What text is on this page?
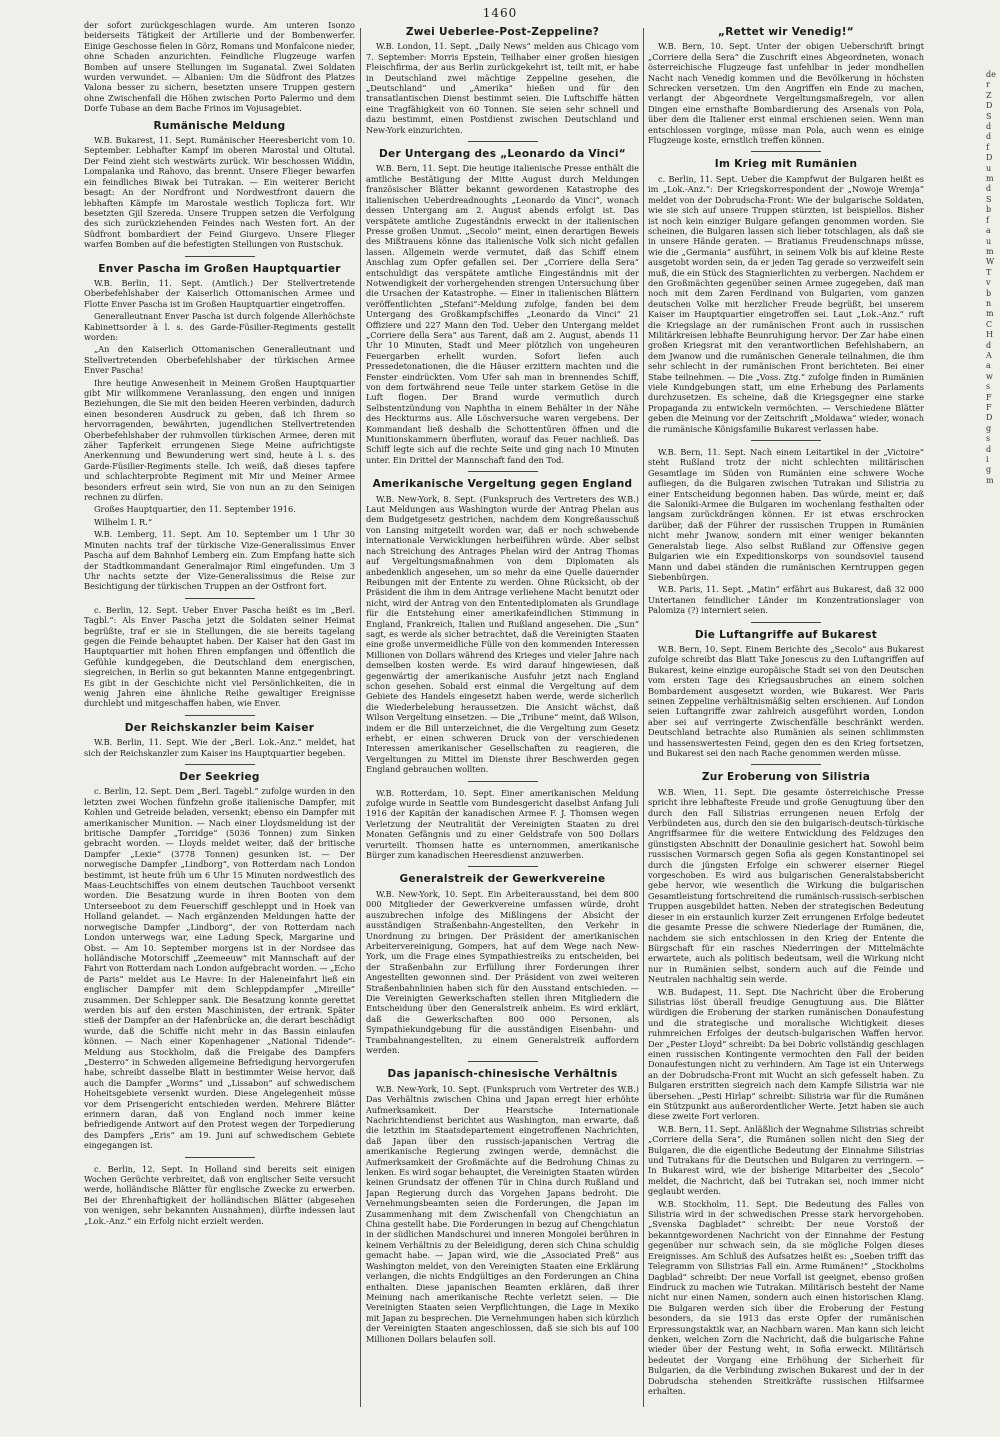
1460

der sofort zurückgeschlagen wurde. Am unteren Isonzo beiderseits Tätigkeit der Artillerie und der Bombenwerfer. Einige Geschosse fielen in Görz, Romans und Monfalcone nieder, ohne Schaden anzurichten. Feindliche Flugzeuge warfen Bomben auf unsere Stellungen im Suganatal. Zwei Soldaten wurden verwundet. — Albanien: Um die Südfront des Platzes Valona besser zu sichern, besetzten unsere Truppen gestern ohne Zwischenfall die Höhen zwischen Porto Palermo und dem Dorfe Tubase an dem Bache Frinos im Vojusagebiet.

Rumänische Meldung

W.B. Bukarest, 11. Sept. Rumänischer Heeresbericht vom 10. September. Lebhafter Kampf im oberen Marostal und Oltutal. Der Feind zieht sich westwärts zurück. Wir beschossen Widdin, Lompalanka und Rahovo, das brennt. Unsere Flieger bewarfen ein feindliches Biwak bei Tutrakan. — Ein weiterer Bericht besagt: An der Nordfront und Nordwestfront dauern die lebhaften Kämpfe im Marostale westlich Toplicza fort. Wir besetzten Gjil Szereda. Unsere Truppen setzen die Verfolgung des sich zurückziehenden Feindes nach Westen fort. An der Südfront bombardiert der Feind Giurgevo. Unsere Flieger warfen Bomben auf die befestigten Stellungen von Rustschuk.

Enver Pascha im Großen Hauptquartier

W.B. Berlin, 11. Sept. (Amtlich.) Der Stellvertretende Oberbefehlshaber der Kaiserlich Ottomanischen Armee und Flotte Enver Pascha ist im Großen Hauptquartier eingetroffen.

Generalleutnant Enver Pascha ist durch folgende Allerhöchste Kabinettsorder à l. s. des Garde-Füsilier-Regiments gestellt worden:

„An den Kaiserlich Ottomanischen Generalleutnant und Stellvertretenden Oberbefehlshaber der türkischen Armee Enver Pascha!

Ihre heutige Anwesenheit in Meinem Großen Hauptquartier gibt Mir willkommene Veranlassung, den engen und innigen Beziehungen, die Sie mit den beiden Heeren verbinden, dadurch einen besonderen Ausdruck zu geben, daß ich Ihrem so hervorragenden, bewährten, jugendlichen Stellvertretenden Oberbefehlshaber der ruhmvollen türkischen Armee, deren mit zäher Tapferkeit errungenen Siege Meine aufrichtigste Anerkennung und Bewunderung wert sind, heute à l. s. des Garde-Füsilier-Regiments stelle. Ich weiß, daß dieses tapfere und schlachterprobte Regiment mit Mir und Meiner Armee besonders erfreut sein wird, Sie von nun an zu den Seinigen rechnen zu dürfen.

Großes Hauptquartier, den 11. September 1916.

Wilhelm I. R.“

W.B. Lemberg, 11. Sept. Am 10. September um 1 Uhr 30 Minuten nachts traf der türkische Vize-Generalissimus Enver Pascha auf dem Bahnhof Lemberg ein. Zum Empfang hatte sich der Stadtkommandant Generalmajor Riml eingefunden. Um 3 Uhr nachts setzte der Vize-Generalissimus die Reise zur Besichtigung der türkischen Truppen an der Ostfront fort.

c. Berlin, 12. Sept. Ueber Enver Pascha heißt es im „Berl. Tagbl.“: Als Enver Pascha jetzt die Soldaten seiner Heimat begrüßte, traf er sie in Stellungen, die sie bereits tagelang gegen die Feinde behauptet haben. Der Kaiser hat den Gast im Hauptquartier mit hohen Ehren empfangen und öffentlich die Gefühle kundgegeben, die Deutschland dem energischen, siegreichen, in Berlin so gut bekannten Manne entgegenbringt. Es gibt in der Geschichte nicht viel Persönlichkeiten, die in wenig Jahren eine ähnliche Reihe gewaltiger Ereignisse durchlebt und mitgeschaffen haben, wie Enver.

Der Reichskanzler beim Kaiser

W.B. Berlin, 11. Sept. Wie der „Berl. Lok.-Anz.“ meldet, hat sich der Reichskanzler zum Kaiser ins Hauptquartier begeben.

Der Seekrieg

c. Berlin, 12. Sept. Dem „Berl. Tagebl.“ zufolge wurden in den letzten zwei Wochen fünfzehn große italienische Dampfer, mit Kohlen und Getreide beladen, versenkt; ebenso ein Dampfer mit amerikanischer Munition. — Nach einer Lloydsmeldung ist der britische Dampfer „Torridge“ (5036 Tonnen) zum Sinken gebracht worden. — Lloyds meldet weiter, daß der britische Dampfer „Lexie“ (3778 Tonnen) gesunken ist. — Der norwegische Dampfer „Lindborg“, von Rotterdam nach London bestimmt, ist heute früh um 6 Uhr 15 Minuten nordwestlich des Maas-Leuchtschiffes von einem deutschen Tauchboot versenkt worden. Die Besatzung wurde in ihren Booten von dem Unterseeboot zu dem Feuerschiff geschleppt und in Hoek van Holland gelandet. — Nach ergänzenden Meldungen hatte der norwegische Dampfer „Lindborg“, der von Rotterdam nach London unterwegs war, eine Ladung Speck, Margarine und Obst. — Am 10. September morgens ist in der Nordsee das holländische Motorschiff „Zeemeeuw“ mit Mannschaft auf der Fahrt von Rotterdam nach London aufgebracht worden. — „Echo de Paris“ meldet aus Le Havre: In der Haleneinfahrt ließ ein englischer Dampfer mit dem Schleppdampfer „Mireille“ zusammen. Der Schlepper sank. Die Besatzung konnte gerettet werden bis auf den ersten Maschinisten, der ertrank. Später stieß der Dampfer an der Hafenbrücke an, die derart beschädigt wurde, daß die Schiffe nicht mehr in das Bassin einlaufen können. — Nach einer Kopenhagener „National Tidende“-Meldung aus Stockholm, daß die Freigabe des Dampfers „Desterro“ in Schweden allgemeine Befriedigung hervorgerufen habe, schreibt dasselbe Blatt in bestimmter Weise hervor, daß auch die Dampfer „Worms“ und „Lissabon“ auf schwedischem Hoheitsgebiete versenkt wurden. Diese Angelegenheit müsse vor dem Prisengericht entschieden werden. Mehrere Blätter erinnern daran, daß von England noch immer keine befriedigende Antwort auf den Protest wegen der Torpedierung des Dampfers „Eris“ am 19. Juni auf schwedischem Gebiete eingegangen ist.

c. Berlin, 12. Sept. In Holland sind bereits seit einigen Wochen Gerüchte verbreitet, daß von englischer Seite versucht werde, holländische Blätter für englische Zwecke zu erwerben. Bei der Ehrenhaftigkeit der holländischen Blätter (abgesehen von wenigen, sehr bekannten Ausnahmen), dürfte indessen laut „Lok.-Anz.“ ein Erfolg nicht erzielt werden.

Zwei Ueberlee-Post-Zeppeline?

W.B. London, 11. Sept. „Daily News“ melden aus Chicago vom 7. September: Morris Epstein, Teilhaber einer großen hiesigen Fleischfirma, der aus Berlin zurückgekehrt ist, teilt mit, er habe in Deutschland zwei mächtige Zeppeline gesehen, die „Deutschland“ und „Amerika“ hießen und für den transatlantischen Dienst bestimmt seien. Die Luftschiffe hätten eine Tragfähigkeit von 60 Tonnen. Sie seien sehr schnell und dazu bestimmt, einen Postdienst zwischen Deutschland und New-York einzurichten.

Der Untergang des „Leonardo da Vinci“

W.B. Bern, 11. Sept. Die heutige italienische Presse enthält die amtliche Bestätigung der Mitte August durch Meldungen französischer Blätter bekannt gewordenen Katastrophe des italienischen Ueberdreadnoughts „Leonardo da Vinci“, wonach dessen Untergang am 2. August abends erfolgt ist. Das verspätete amtliche Zugeständnis erweckt in der italienischen Presse großen Unmut. „Secolo“ meint, einen derartigen Beweis des Mißtrauens könne das italienische Volk sich nicht gefallen lassen. Allgemein werde vermutet, daß das Schiff einem Anschlag zum Opfer gefallen sei. Der „Corriere della Sera“ entschuldigt das verspätete amtliche Eingeständnis mit der Notwendigkeit der vorhergehenden strengen Untersuchung über die Ursachen der Katastrophe. — Einer in italienischen Blättern veröffentlichten „Stefani“-Meldung zufolge, fanden bei dem Untergang des Großkampfschiffes „Leonardo da Vinci“ 21 Offiziere und 227 Mann den Tod. Ueber den Untergang meldet „Corriere della Sera“ aus Tarent, daß am 2. August, abends 11 Uhr 10 Minuten, Stadt und Meer plötzlich von ungeheuren Feuergarben erhellt wurden. Sofort liefen auch Pressedetonationen, die die Häuser erzittern machten und die Fenster eindrückten. Vom Ufer sah man in brennendes Schiff, von dem fortwährend neue Teile unter starkem Getöse in die Luft flogen. Der Brand wurde vermutlich durch Selbstentzündung von Naphtha in einem Behälter in der Nähe des Heckturms aus. Alle Löschversuche waren vergebens. Der Kommandant ließ deshalb die Schottentüren öffnen und die Munitionskammern überfluten, worauf das Feuer nachließ. Das Schiff legte sich auf die rechte Seite und ging nach 10 Minuten unter. Ein Drittel der Mannschaft fand den Tod.

Amerikanische Vergeltung gegen England

W.B. New-York, 8. Sept. (Funkspruch des Vertreters des W.B.) Laut Meldungen aus Washington wurde der Antrag Phelan aus dem Budgetgesetz gestrichen, nachdem dem Kongreßausschuß von Lansing mitgeteilt worden war, daß er noch schwebende internationale Verwicklungen herbeiführen würde. Aber selbst nach Streichung des Antrages Phelan wird der Antrag Thomas auf Vergeltungsmaßnahmen von dem Diplomaten als anbedenklich angesehen, um so mehr da eine Quelle dauernder Reibungen mit der Entente zu werden. Ohne Rücksicht, ob der Präsident die ihm in dem Antrage verliehene Macht benutzt oder nicht, wird der Antrag von den Ententediplomaten als Grundlage für die Entstehung einer amerikafeindlichen Stimmung in England, Frankreich, Italien und Rußland angesehen. Die „Sun“ sagt, es werde als sicher betrachtet, daß die Vereinigten Staaten eine große unvermeidliche Fülle von den kommenden Interessen Millionen von Dollars während des Krieges und vieler Jahre nach demselben kosten werde. Es wird darauf hingewiesen, daß gegenwärtig der amerikanische Ausfuhr jetzt nach England schon gesehen. Sobald erst einmal die Vergeltung auf dem Gebiete des Handels eingesetzt haben werde, werde sicherlich die Wiederbelebung heraussetzen. Die Ansicht wächst, daß Wilson Vergeltung einsetzen. — Die „Tribune“ meint, daß Wilson, indem er die Bill unterzeichnet, die die Vergeltung zum Gesetz erhebt, er einen schweren Druck von der verschiedenen Interessen amerikanischer Gesellschaften zu reagieren, die Vergeltungen zu Mittel im Dienste ihrer Beschwerden gegen England gebrauchen wollten.

W.B. Rotterdam, 10. Sept. Einer amerikanischen Meldung zufolge wurde in Seattle vom Bundesgericht daselbst Anfang Juli 1916 der Kapitän der kanadischen Armee F. J. Thomsen wegen Verletzung der Neutralität der Vereinigten Staaten zu drei Monaten Gefängnis und zu einer Geldstrafe von 500 Dollars verurteilt. Thomsen hatte es unternommen, amerikanische Bürger zum kanadischen Heeresdienst anzuwerben.

Generalstreik der Gewerkvereine

W.B. New-York, 10. Sept. Ein Arbeiterausstand, bei dem 800 000 Mitglieder der Gewerkvereine umfassen würde, droht auszubrechen infolge des Mißlingens der Absicht der ausständigen Straßenbahn-Angestellten, den Verkehr in Unordnung zu bringen. Der Präsident der amerikanischen Arbeitervereinigung, Gompers, hat auf dem Wege nach New-York, um die Frage eines Sympathiestreiks zu entscheiden, bei der Straßenbahn zur Erfüllung ihrer Forderungen ihrer Angestellten gewonnen sind. Der Präsident von zwei weiteren Straßenbahnlinien haben sich für den Ausstand entschieden. — Die Vereinigten Gewerkschaften stellen ihren Mitgliedern die Entscheidung über den Generalstreik anheim. Es wird erklärt, daß die Gewerkschaften 800 000 Personen, als Sympathiekundgebung für die ausständigen Eisenbahn- und Trambahnangestellten, zu einem Generalstreik auffordern werden.

Das japanisch-chinesische Verhältnis

W.B. New-York, 10. Sept. (Funkspruch vom Vertreter des W.B.) Das Verhältnis zwischen China und Japan erregt hier erhöhte Aufmerksamkeit. Der Hearstsche Internationale Nachrichtendienst berichtet aus Washington, man erwarte, daß die letzthin im Staatsdepartement eingetroffenen Nachrichten, daß Japan über den russisch-japanischen Vertrag die amerikanische Regierung zwingen werde, demnächst die Aufmerksamkeit der Großmächte auf die Bedrohung Chinas zu lenken. Es wird sogar behauptet, die Vereinigten Staaten würden keinen Grundsatz der offenen Tür in China durch Rußland und Japan Regierung durch das Vorgehen Japans bedroht. Die Vernehmungsbeamten seien die Forderungen, die Japan im Zusammenhang mit dem Zwischenfall von Chengchiatun an China gestellt habe. Die Forderungen in bezug auf Chengchiatun in der südlichen Mandschurei und inneren Mongolei berühren in keinem Verhältnis zu der Beleidigung, deren sich China schuldig gemacht habe. — Japan wird, wie die „Associated Preß“ aus Washington meldet, von den Vereinigten Staaten eine Erklärung verlangen, die nichts Endgültiges an den Forderungen an China enthalten. Diese japanischen Beamten erklären, daß ihrer Meinung nach amerikanische Rechte verletzt seien. — Die Vereinigten Staaten seien Verpflichtungen, die Lage in Mexiko mit Japan zu besprechen. Die Vernehmungen haben sich kürzlich der Vereinigten Staaten angeschlossen, daß sie sich bis auf 100 Millionen Dollars belaufen soll.

„Rettet wir Venedig!“

W.B. Bern, 10. Sept. Unter der obigen Ueberschrift bringt „Corriere della Sera“ die Zuschrift eines Abgeordneten, wonach österreichische Flugzeuge fast unfehlbar in jeder mondhellen Nacht nach Venedig kommen und die Bevölkerung in höchsten Schrecken versetzen. Um den Angriffen ein Ende zu machen, verlangt der Abgeordnete Vergeltungsmaßregeln, vor allen Dingen eine ernsthafte Bombardierung des Arsenals von Pola, über dem die Italiener erst einmal erschienen seien. Wenn man entschlossen vorginge, müsse man Pola, auch wenn es einige Flugzeuge koste, ernstlich treffen können.

Im Krieg mit Rumänien

c. Berlin, 11. Sept. Ueber die Kampfwut der Bulgaren heißt es im „Lok.-Anz.“: Der Kriegskorrespondent der „Nowoje Wremja“ meldet von der Dobrudscha-Front: Wie der bulgarische Soldaten, wie sie sich auf unsere Truppen stürzten, ist beispiellos. Bisher ist noch kein einziger Bulgare gefangen genommen worden. Sie scheinen, die Bulgaren lassen sich lieber totschlagen, als daß sie in unsere Hände geraten. — Bratianus Freudenschnaps müsse, wie die „Germania“ ausführt, in seinem Volk bis auf kleine Reste ausgetobt worden sein, da er jeden Tag gerade so verzweifelt sein muß, die ein Stück des Stagnierlichten zu verbergen. Nachdem er den Großmächten gegenüber seinen Armee zugegeben, daß man noch mit dem Zaren Ferdinand von Bulgarien, vom ganzen deutschen Volke mit herzlicher Freude begrüßt, bei unserem Kaiser im Hauptquartier eingetroffen sei. Laut „Lok.-Anz.“ ruft die Kriegslage an der rumänischen Front auch in russischen Militärkreisen lebhafte Beunruhigung hervor. Der Zar habe einen großen Kriegsrat mit den verantwortlichen Befehlshabern, an dem Jwanow und die rumänischen Generale teilnahmen, die ihm sehr schlecht in der rumänischen Front berichteten. Bei einer Stabe teilnehmen. — Die „Voss. Ztg.“ zufolge finden in Rumänien viele Kundgebungen statt, um eine Erhebung des Parlaments durchzusetzen. Es scheine, daß die Kriegsgegner eine starke Propaganda zu entwickeln vermöchten. — Verschiedene Blätter geben die Meinung vor der Zeitschrift „Moldawa“ wieder, wonach die rumänische Königsfamilie Bukarest verlassen habe.

W.B. Bern, 11. Sept. Nach einem Leitartikel in der „Victoire“ steht Rußland trotz der nicht schlechten militärischen Gesamtlage im Süden von Rumänien eine schwere Woche aufliegen, da die Bulgaren zwischen Tutrakan und Silistria zu einer Entscheidung begonnen haben. Das würde, meint er, daß die Saloniki-Armee die Bulgaren im wochenlang festhalten oder langsam zurückdrängen können. Er ist etwas erschrocken darüber, daß der Führer der russischen Truppen in Rumänien nicht mehr Jwanow, sondern mit einer weniger bekannten Generalstab liege. Also selbst Rußland zur Offensive gegen Bulgarien wie ein Expeditionskorps von soundsoviel tausend Mann und dabei ständen die rumänischen Kerntruppen gegen Siebenbürgen.

W.B. Paris, 11. Sept. „Matin“ erfährt aus Bukarest, daß 32 000 Untertanen feindlicher Länder im Konzentrationslager von Palomiza (?) interniert seien.

Die Luftangriffe auf Bukarest

W.B. Bern, 10. Sept. Einem Berichte des „Secolo“ aus Bukarest zufolge schreibt das Blatt Take Jonescus zu den Luftangriffen auf Bukarest, keine einzige europäische Stadt sei von den Deutschen vom ersten Tage des Kriegsausbruches an einem solchen Bombardement ausgesetzt worden, wie Bukarest. Wer Paris seinen Zeppeline verhältnismäßig selten erschienen. Auf London seien Luftangriffe zwar zahlreich ausgeführt worden, London aber sei auf verringerte Zwischenfälle beschränkt werden. Deutschland betrachte also Rumänien als seinen schlimmsten und hassenswertesten Feind, gegen den es den Krieg fortsetzen, und Bukarest sei den nach Rache genommen werden müsse.

Zur Eroberung von Silistria

W.B. Wien, 11. Sept. Die gesamte österreichische Presse spricht ihre lebhafteste Freude und große Genugtuung über den durch den Fall Silistrias errungenen neuen Erfolg der Verbündeten aus, durch den sie den bulgarisch-deutsch-türkische Angriffsarmee für die weitere Entwicklung des Feldzuges den günstigsten Abschnitt der Donaulinie gesichert hat. Sowohl beim russischen Vormarsch gegen Sofia als gegen Konstantinopel sei durch die jüngsten Erfolge ein schwerer eiserner Riegel vorgeschoben. Es wird aus bulgarischen Generalstabsbericht gebe hervor, wie wesentlich die Wirkung die bulgarischen Gesamtleistung fortschreitend die rumänisch-russisch-serbischen Truppen ausgebildet hatten. Neben der strategischen Bedeutung dieser in ein erstaunlich kurzer Zeit errungenen Erfolge bedeutet die gesamte Presse die schwere Niederlage der Rumänen, die, nachdem sie sich entschlossen in den Krieg der Entente die Bürgschaft für ein rasches Niederringen der Mittelmächte erwartete, auch als politisch bedeutsam, weil die Wirkung nicht nur in Rumänien selbst, sondern auch auf die Feinde und Neutralen nachhaltig sein werde.

W.B. Budapest, 11. Sept. Die Nachricht über die Eroberung Silistrias löst überall freudige Genugtuung aus. Die Blätter würdigen die Eroberung der starken rumänischen Donaufestung und die strategische und moralische Wichtigkeit dieses ruhmreichen Erfolges der deutsch-bulgarischen Waffen hervor. Der „Pester Lloyd“ schreibt: Da bei Dobric vollständig geschlagen einen russischen Kontingente vermochten den Fall der beiden Donaufestungen nicht zu verhindern. Am Tage ist ein Unterwegs an der Dobrudscha-Front mit Wucht an sich gefesselt haben. Zu Bulgaren erstritten siegreich nach dem Kampfe Silistria war nie übersehen. „Pesti Hirlap“ schreibt: Silistria war für die Rumänen ein Stützpunkt aus außerordentlicher Werte. Jetzt haben sie auch diese zweite Fort verloren.

W.B. Bern, 11. Sept. Anläßlich der Wegnahme Silistrias schreibt „Corriere della Sera“, die Rumänen sollen nicht den Sieg der Bulgaren, die die eigentliche Bedeutung der Einnahme Silistrias und Tutrakans für die Deutschen und Bulgaren zu verringern. — In Bukarest wird, wie der bisherige Mitarbeiter des „Secolo“ meldet, die Nachricht, daß bei Tutrakan sei, noch immer nicht geglaubt werden.

W.B. Stockholm, 11. Sept. Die Bedeutung des Falles von Silistria wird in der schwedischen Presse stark hervorgehoben. „Svenska Dagbladet“ schreibt: Der neue Vorstoß der bekanntgewordenen Nachricht von der Einnahme der Festung gegenüber nur schwach sein, da sie mögliche Folgen dieses Ereignisses. Am Schluß des Aufsatzes heißt es: „Soeben trifft das Telegramm von Silistrias Fall ein. Arme Rumänen!“ „Stockholms Dagblad“ schreibt: Der neue Vorfall ist geeignet, ebenso großen Eindruck zu machen wie Tutrakan. Militärisch besteht der Name nicht nur einen Namen, sondern auch einen historischen Klang. Die Bulgaren werden sich über die Eroberung der Festung besonders, da sie 1913 das erste Opfer der rumänischen Erpressungstaktik war, an Nachbarn waren. Man kann sich leicht denken, welchen Zorn die Nachricht, daß die bulgarische Fahne wieder über der Festung weht, in Sofia erweckt. Militärisch bedeutet der Vorgang eine Erhöhung der Sicherheit für Bulgarien, da die Verbindung zwischen Bukarest und der in der Dobrudscha stehenden Streitkräfte russischen Hilfsarmee erhalten.

de
r
Z
D
S
d
d
f
D
u
m
d
S
b
f
a
u
m
W
T
v
b
n
m
C
H
d
A
a
w
s
F
F
D
g
s
d
i
g
m
